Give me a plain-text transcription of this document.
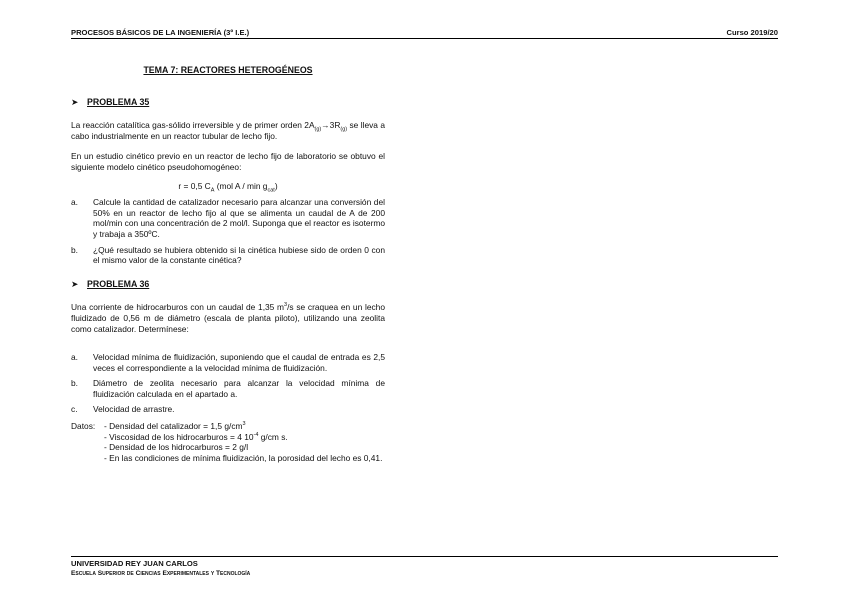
PROCESOS BÁSICOS DE LA INGENIERÍA (3º I.E.)	Curso 2019/20
TEMA 7: REACTORES HETEROGÉNEOS
➤ PROBLEMA 35

La reacción catalítica gas-sólido irreversible y de primer orden $2A_{(g)}\to 3R_{(g)}$ se lleva a cabo industrialmente en un reactor tubular de lecho fijo.

En un estudio cinético previo en un reactor de lecho fijo de laboratorio se obtuvo el siguiente modelo cinético pseudohomogéneo:

r = 0,5 $C_A$ (mol A / $\min g_{cat}$)
a.	Calcule la cantidad de catalizador necesario para alcanzar una conversión del 50% en un reactor de lecho fijo al que se alimenta un caudal de A de 200 mol/min con una concentración de 2 mol/l. Suponga que el reactor es isotermo y trabaja a 350ºC.
b.	¿Qué resultado se hubiera obtenido si la cinética hubiese sido de orden 0 con el mismo valor de la constante cinética?
➤ PROBLEMA 36

Una corriente de hidrocarburos con un caudal de 1,35 $m^3/s$ se craquea en un lecho fluidizado de 0,56 m de diámetro (escala de planta piloto), utilizando una zeolita como catalizador. Determínese:

a.	Velocidad mínima de fluidización, suponiendo que el caudal de entrada es 2,5 veces el correspondiente a la velocidad mínima de fluidización.
b.	Diámetro de zeolita necesario para alcanzar la velocidad mínima de fluidización calculada en el apartado a.
c.	Velocidad de arrastre.
Datos:	- Densidad del catalizador = 1,5 $g/cm^3$
- Viscosidad de los hidrocarburos = 4 $10^{-4}$ g/cm s.
- Densidad de los hidrocarburos = 2 g/l
- En las condiciones de mínima fluidización, la porosidad del lecho es 0,41.
UNIVERSIDAD REY JUAN CARLOS
Escuela Superior de Ciencias Experimentales y Tecnología
